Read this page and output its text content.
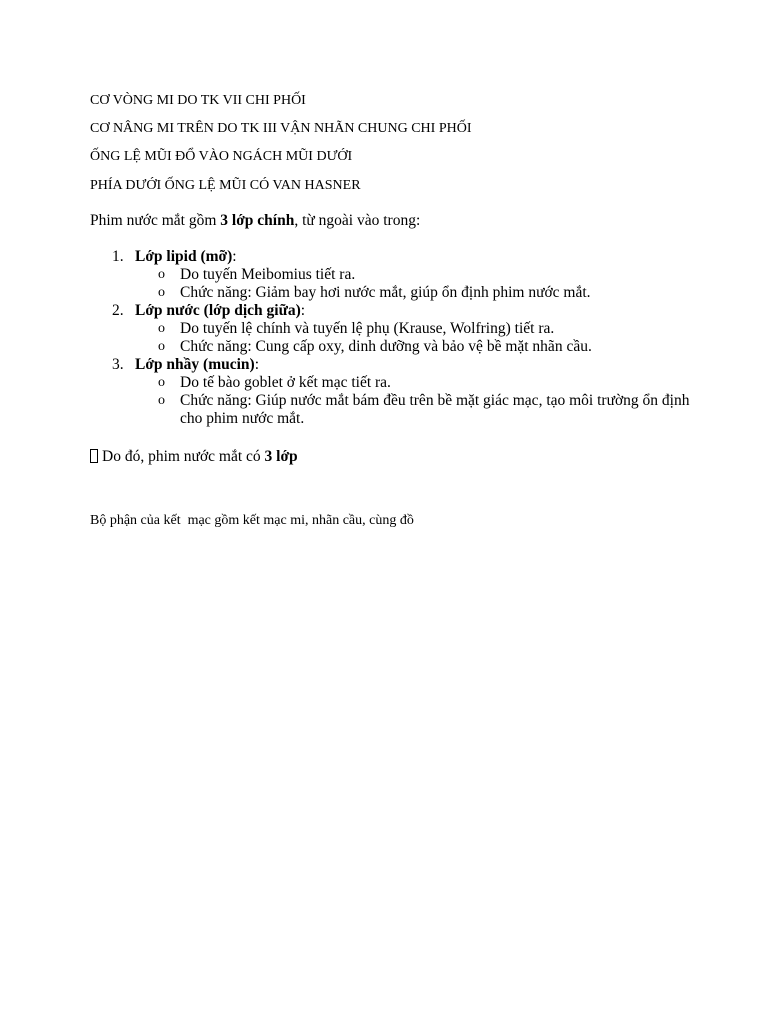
CƠ VÒNG MI DO TK VII CHI PHỐI
CƠ NÂNG MI TRÊN DO TK III VẬN NHÃN CHUNG CHI PHỐI
ỐNG LỆ MŨI ĐỔ VÀO NGÁCH MŨI DƯỚI
PHÍA DƯỚI ỐNG LỆ MŨI CÓ VAN HASNER
Phim nước mắt gồm 3 lớp chính, từ ngoài vào trong:
1. Lớp lipid (mỡ):
o Do tuyến Meibomius tiết ra.
o Chức năng: Giảm bay hơi nước mắt, giúp ổn định phim nước mắt.
2. Lớp nước (lớp dịch giữa):
o Do tuyến lệ chính và tuyến lệ phụ (Krause, Wolfring) tiết ra.
o Chức năng: Cung cấp oxy, dinh dưỡng và bảo vệ bề mặt nhãn cầu.
3. Lớp nhầy (mucin):
o Do tế bào goblet ở kết mạc tiết ra.
o Chức năng: Giúp nước mắt bám đều trên bề mặt giác mạc, tạo môi trường ổn định cho phim nước mắt.
Do đó, phim nước mắt có 3 lớp
Bộ phận của kết  mạc gồm kết mạc mi, nhãn cầu, cùng đồ
